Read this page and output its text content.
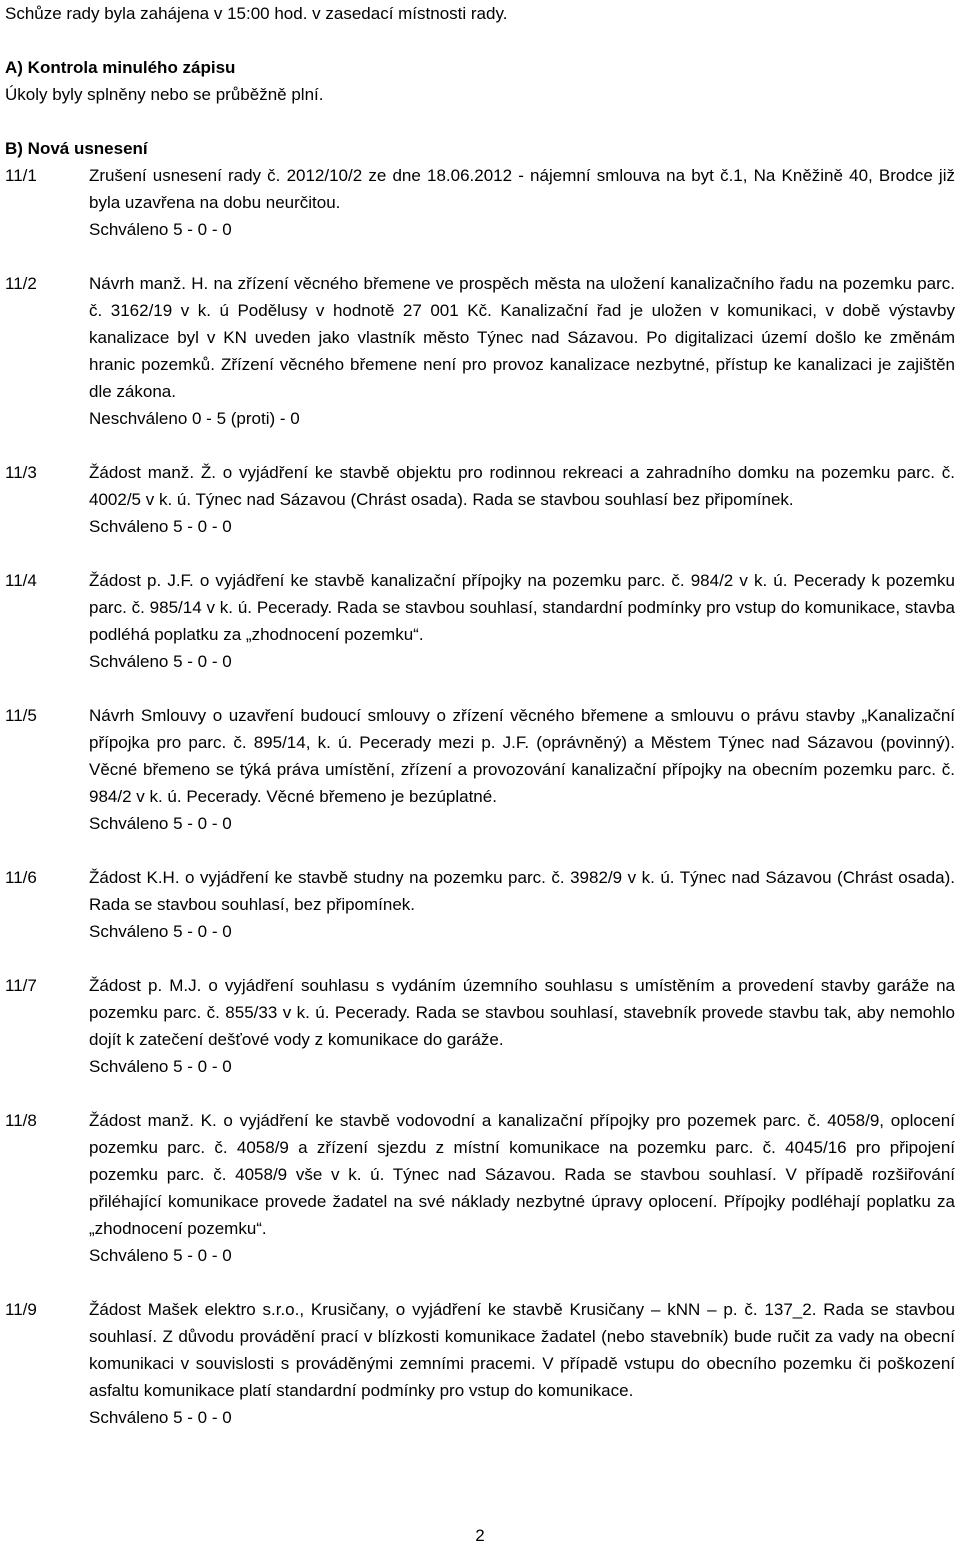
Schůze rady byla zahájena v 15:00 hod. v zasedací místnosti rady.

A) Kontrola minulého zápisu

Úkoly byly splněny nebo se průběžně plní.

B) Nová usnesení

11/1	Zrušení usnesení rady č. 2012/10/2 ze dne 18.06.2012 - nájemní smlouva na byt č.1, Na Kněžině 40, Brodce již byla uzavřena na dobu neurčitou.
Schváleno 5 - 0 - 0
11/2	Návrh manž. H. na zřízení věcného břemene ve prospěch města na uložení kanalizačního řadu na pozemku parc. č. 3162/19 v k. ú Podělusy v hodnotě 27 001 Kč. Kanalizační řad je uložen v komunikaci, v době výstavby kanalizace byl v KN uveden jako vlastník město Týnec nad Sázavou. Po digitalizaci území došlo ke změnám hranic pozemků. Zřízení věcného břemene není pro provoz kanalizace nezbytné, přístup ke kanalizaci je zajištěn dle zákona.
Neschváleno 0 - 5 (proti) - 0
11/3	Žádost manž. Ž. o vyjádření ke stavbě objektu pro rodinnou rekreaci a zahradního domku na pozemku parc. č. 4002/5 v k. ú. Týnec nad Sázavou (Chrást osada). Rada se stavbou souhlasí bez připomínek.
Schváleno 5 - 0 - 0
11/4	Žádost p. J.F. o vyjádření ke stavbě kanalizační přípojky na pozemku parc. č. 984/2 v k. ú. Pecerady k pozemku parc. č. 985/14 v k. ú. Pecerady. Rada se stavbou souhlasí, standardní podmínky pro vstup do komunikace, stavba podléhá poplatku za „zhodnocení pozemku“.
Schváleno 5 - 0 - 0
11/5	Návrh Smlouvy o uzavření budoucí smlouvy o zřízení věcného břemene a smlouvu o právu stavby „Kanalizační přípojka pro parc. č. 895/14, k. ú. Pecerady mezi p. J.F. (oprávněný) a Městem Týnec nad Sázavou (povinný). Věcné břemeno se týká práva umístění, zřízení a provozování kanalizační přípojky na obecním pozemku parc. č. 984/2 v k. ú. Pecerady. Věcné břemeno je bezúplatné.
Schváleno 5 - 0 - 0
11/6	Žádost K.H. o vyjádření ke stavbě studny na pozemku parc. č. 3982/9 v k. ú. Týnec nad Sázavou (Chrást osada). Rada se stavbou souhlasí, bez připomínek.
Schváleno 5 - 0 - 0
11/7	Žádost p. M.J. o vyjádření souhlasu s vydáním územního souhlasu s umístěním a provedení stavby garáže na pozemku parc. č. 855/33 v k. ú. Pecerady. Rada se stavbou souhlasí, stavebník provede stavbu tak, aby nemohlo dojít k zatečení dešťové vody z komunikace do garáže.
Schváleno 5 - 0 - 0
11/8	Žádost manž. K. o vyjádření ke stavbě vodovodní a kanalizační přípojky pro pozemek parc. č. 4058/9, oplocení pozemku parc. č. 4058/9 a zřízení sjezdu z místní komunikace na pozemku parc. č. 4045/16 pro připojení pozemku parc. č. 4058/9 vše v k. ú. Týnec nad Sázavou. Rada se stavbou souhlasí. V případě rozšiřování přiléhající komunikace provede žadatel na své náklady nezbytné úpravy oplocení. Přípojky podléhají poplatku za „zhodnocení pozemku“.
Schváleno 5 - 0 - 0
11/9	Žádost Mašek elektro s.r.o., Krusičany, o vyjádření ke stavbě Krusičany – kNN – p. č. 137_2. Rada se stavbou souhlasí. Z důvodu provádění prací v blízkosti komunikace žadatel (nebo stavebník) bude ručit za vady na obecní komunikaci v souvislosti s prováděnými zemními pracemi. V případě vstupu do obecního pozemku či poškození asfaltu komunikace platí standardní podmínky pro vstup do komunikace.
Schváleno 5 - 0 - 0
2
